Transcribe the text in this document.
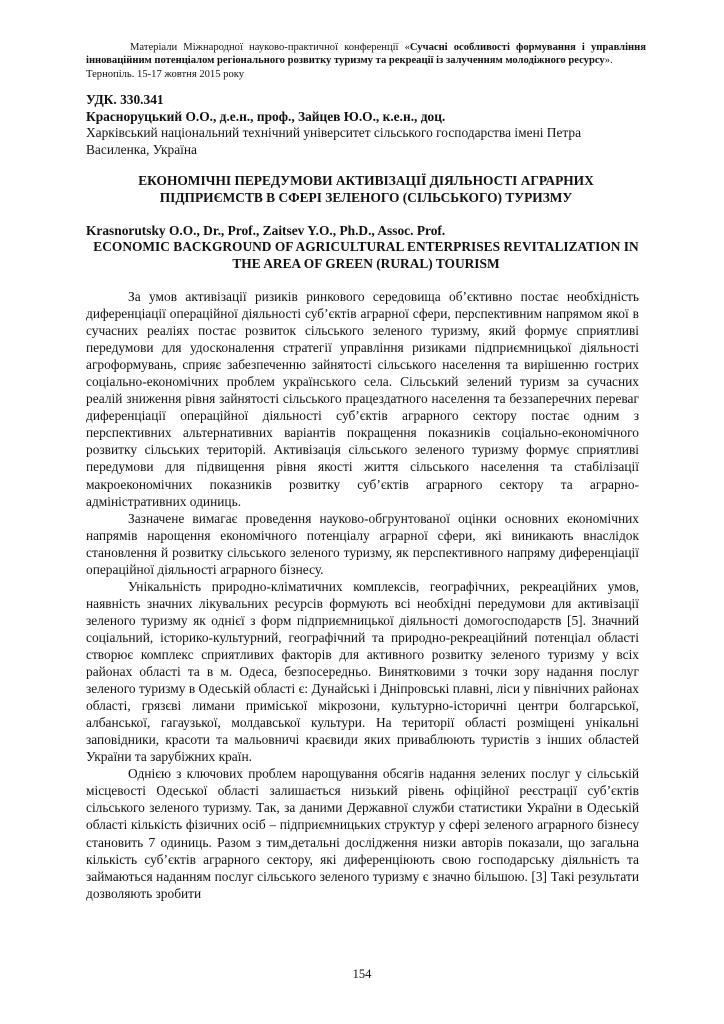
Матеріали Міжнародної науково-практичної конференції «Сучасні особливості формування і управління інноваційним потенціалом регіонального розвитку туризму та рекреації із залученням молодіжного ресурсу».
Тернопіль. 15-17 жовтня 2015 року
УДК. 330.341
Красноруцький О.О., д.е.н., проф., Зайцев Ю.О., к.е.н., доц.
Харківський національний технічний університет сільського господарства імені Петра Василенка, Україна
ЕКОНОМІЧНІ ПЕРЕДУМОВИ АКТИВІЗАЦІЇ ДІЯЛЬНОСТІ АГРАРНИХ ПІДПРИЄМСТВ В СФЕРІ ЗЕЛЕНОГО (СІЛЬСЬКОГО) ТУРИЗМУ
Krasnorutsky O.O., Dr., Prof., Zaitsev Y.O., Ph.D., Assoc. Prof.
ECONOMIC BACKGROUND OF AGRICULTURAL ENTERPRISES REVITALIZATION IN THE AREA OF GREEN (RURAL) TOURISM

За умов активізації ризиків ринкового середовища об’єктивно постає необхідність диференціації операційної діяльності суб’єктів аграрної сфери, перспективним напрямом якої в сучасних реаліях постає розвиток сільського зеленого туризму, який формує сприятливі передумови для удосконалення стратегії управління ризиками підприємницької діяльності агроформувань, сприяє забезпеченню зайнятості сільського населення та вирішенню гострих соціально-економічних проблем українського села. Сільський зелений туризм за сучасних реалій зниження рівня зайнятості сільського працездатного населення та беззаперечних переваг диференціації операційної діяльності суб’єктів аграрного сектору постає одним з перспективних альтернативних варіантів покращення показників соціально-економічного розвитку сільських територій. Активізація сільського зеленого туризму формує сприятливі передумови для підвищення рівня якості життя сільського населення та стабілізації макроекономічних показників розвитку суб’єктів аграрного сектору та аграрно-адміністративних одиниць.

Зазначене вимагає проведення науково-обгрунтованої оцінки основних економічних напрямів нарощення економічного потенціалу аграрної сфери, які виникають внаслідок становлення й розвитку сільського зеленого туризму, як перспективного напряму диференціації операційної діяльності аграрного бізнесу.

Унікальність природно-кліматичних комплексів, географічних, рекреаційних умов, наявність значних лікувальних ресурсів формують всі необхідні передумови для активізації зеленого туризму як однієї з форм підприємницької діяльності домогосподарств [5]. Значний соціальний, історико-культурний, географічний та природно-рекреаційний потенціал області створює комплекс сприятливих факторів для активного розвитку зеленого туризму у всіх районах області та в м. Одеса, безпосередньо. Винятковими з точки зору надання послуг зеленого туризму в Одеській області є: Дунайські і Дніпровські плавні, ліси у північних районах області, грязєві лимани приміської мікрозони, культурно-історичні центри болгарської, албанської, гагаузької, молдавської культури. На території області розміщені унікальні заповідники, красоти та мальовничі краєвиди яких приваблюють туристів з інших областей України та зарубіжних країн.

Однією з ключових проблем нарощування обсягів надання зелених послуг у сільській місцевості Одеської області залишається низький рівень офіційної реєстрації суб’єктів сільського зеленого туризму. Так, за даними Державної служби статистики України в Одеській області кількість фізичних осіб – підприємницьких структур у сфері зеленого аграрного бізнесу становить 7 одиниць. Разом з тим,детальні дослідження низки авторів показали, що загальна кількість суб’єктів аграрного сектору, які диференціюють свою господарську діяльність та займаються наданням послуг сільського зеленого туризму є значно більшою. [3] Такі результати дозволяють зробити

154
